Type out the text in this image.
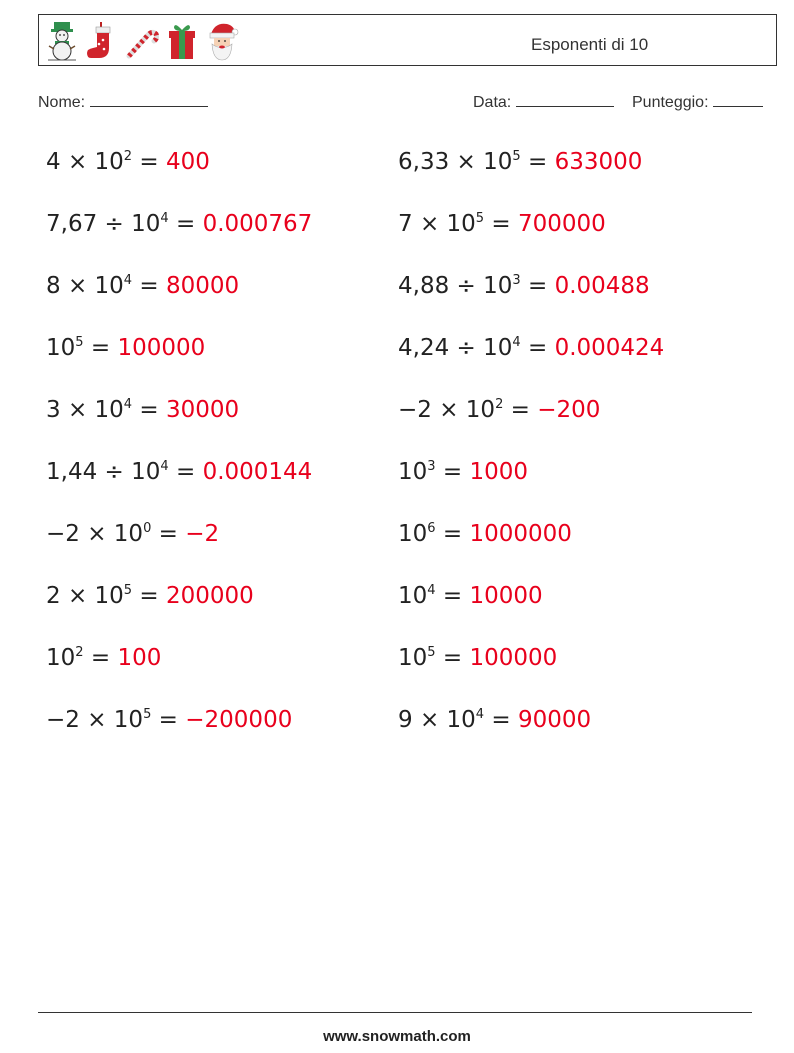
Esponenti di 10
Nome:	Data:	Punteggio:
$4 \times 10^2 = 400$	$6,33 \times 10^5 = 633000$
$7,67 \div 10^4 = 0.000767$	$7 \times 10^5 = 700000$
$8 \times 10^4 = 80000$	$4,88 \div 10^3 = 0.00488$
$10^5 = 100000$	$4,24 \div 10^4 = 0.000424$
$3 \times 10^4 = 30000$	$-2 \times 10^2 = -200$
$1,44 \div 10^4 = 0.000144$	$10^3 = 1000$
$-2 \times 10^0 = -2$	$10^6 = 1000000$
$2 \times 10^5 = 200000$	$10^4 = 10000$
$10^2 = 100$	$10^5 = 100000$
$-2 \times 10^5 = -200000$	$9 \times 10^4 = 90000$
www.snowmath.com
